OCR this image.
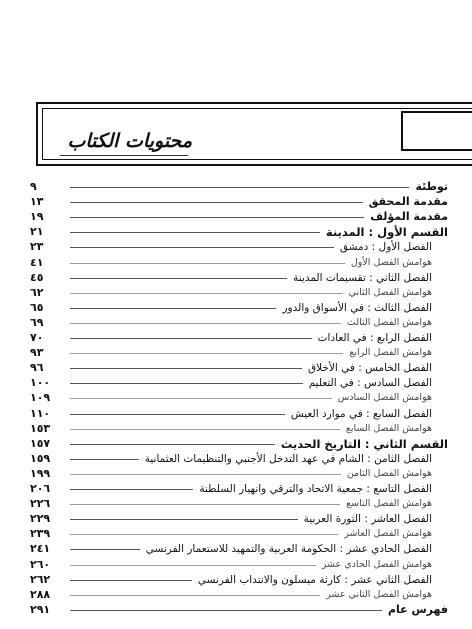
محتويات الكتاب
توطئة
٩
مقدمة المحقق
١٣
مقدمة المؤلف
١٩
القسم الأول : المدينة
٢١
الفصل الأول : دمشق
٢٣
هوامش الفصل الأول
٤١
الفصل الثاني : تقسيمات المدينة
٤٥
هوامش الفصل الثاني
٦٢
الفصل الثالث : في الأسواق والدور
٦٥
هوامش الفصل الثالث
٦٩
الفصل الرابع : في العادات
٧٠
هوامش الفصل الرابع
٩٣
الفصل الخامس : في الأخلاق
٩٦
الفصل السادس : في التعليم
١٠٠
هوامش الفصل السادس
١٠٩
الفصل السابع : في موارد العيش
١١٠
هوامش الفصل السابع
١٥٣
القسم الثاني : التاريخ الحديث
١٥٧
الفصل الثامن : الشام في عهد التدخل الأجنبي والتنظيمات العثمانية
١٥٩
هوامش الفصل الثامن
١٩٩
الفصل التاسع : جمعية الاتحاد والترقي وانهيار السلطنة
٢٠٦
هوامش الفصل التاسع
٢٢٦
الفصل العاشر : الثورة العربية
٢٢٩
هوامش الفصل العاشر
٢٣٩
الفصل الحادي عشر : الحكومة العربية والتمهيد للاستعمار الفرنسي
٢٤١
هوامش الفصل الحادي عشر
٢٦٠
الفصل الثاني عشر : كارثة ميسلون والانتداب الفرنسي
٢٦٢
هوامش الفصل الثاني عشر
٢٨٨
فهرس عام
٢٩١
